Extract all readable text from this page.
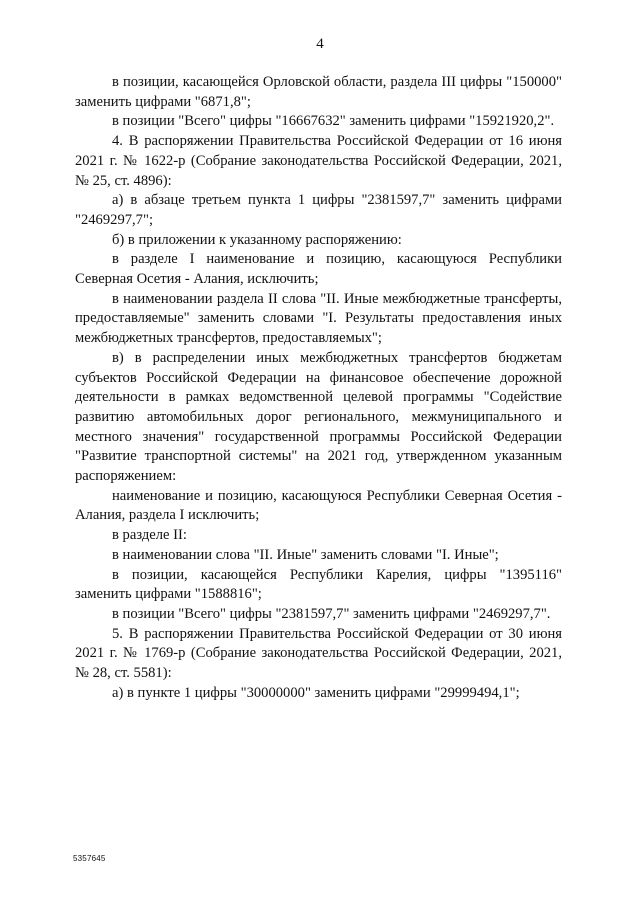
4

в позиции, касающейся Орловской области, раздела III цифры "150000" заменить цифрами "6871,8";

в позиции "Всего" цифры "16667632" заменить цифрами "15921920,2".

4. В распоряжении Правительства Российской Федерации от 16 июня 2021 г. № 1622-р (Собрание законодательства Российской Федерации, 2021, № 25, ст. 4896):

а) в абзаце третьем пункта 1 цифры "2381597,7" заменить цифрами "2469297,7";

б) в приложении к указанному распоряжению:

в разделе I наименование и позицию, касающуюся Республики Северная Осетия - Алания, исключить;

в наименовании раздела II слова "II. Иные межбюджетные трансферты, предоставляемые" заменить словами "I. Результаты предоставления иных межбюджетных трансфертов, предоставляемых";

в) в распределении иных межбюджетных трансфертов бюджетам субъектов Российской Федерации на финансовое обеспечение дорожной деятельности в рамках ведомственной целевой программы "Содействие развитию автомобильных дорог регионального, межмуниципального и местного значения" государственной программы Российской Федерации "Развитие транспортной системы" на 2021 год, утвержденном указанным распоряжением:

наименование и позицию, касающуюся Республики Северная Осетия - Алания, раздела I исключить;

в разделе II:

в наименовании слова "II. Иные" заменить словами "I. Иные";

в позиции, касающейся Республики Карелия, цифры "1395116" заменить цифрами "1588816";

в позиции "Всего" цифры "2381597,7" заменить цифрами "2469297,7".

5. В распоряжении Правительства Российской Федерации от 30 июня 2021 г. № 1769-р (Собрание законодательства Российской Федерации, 2021, № 28, ст. 5581):

а) в пункте 1 цифры "30000000" заменить цифрами "29999494,1";

5357645
